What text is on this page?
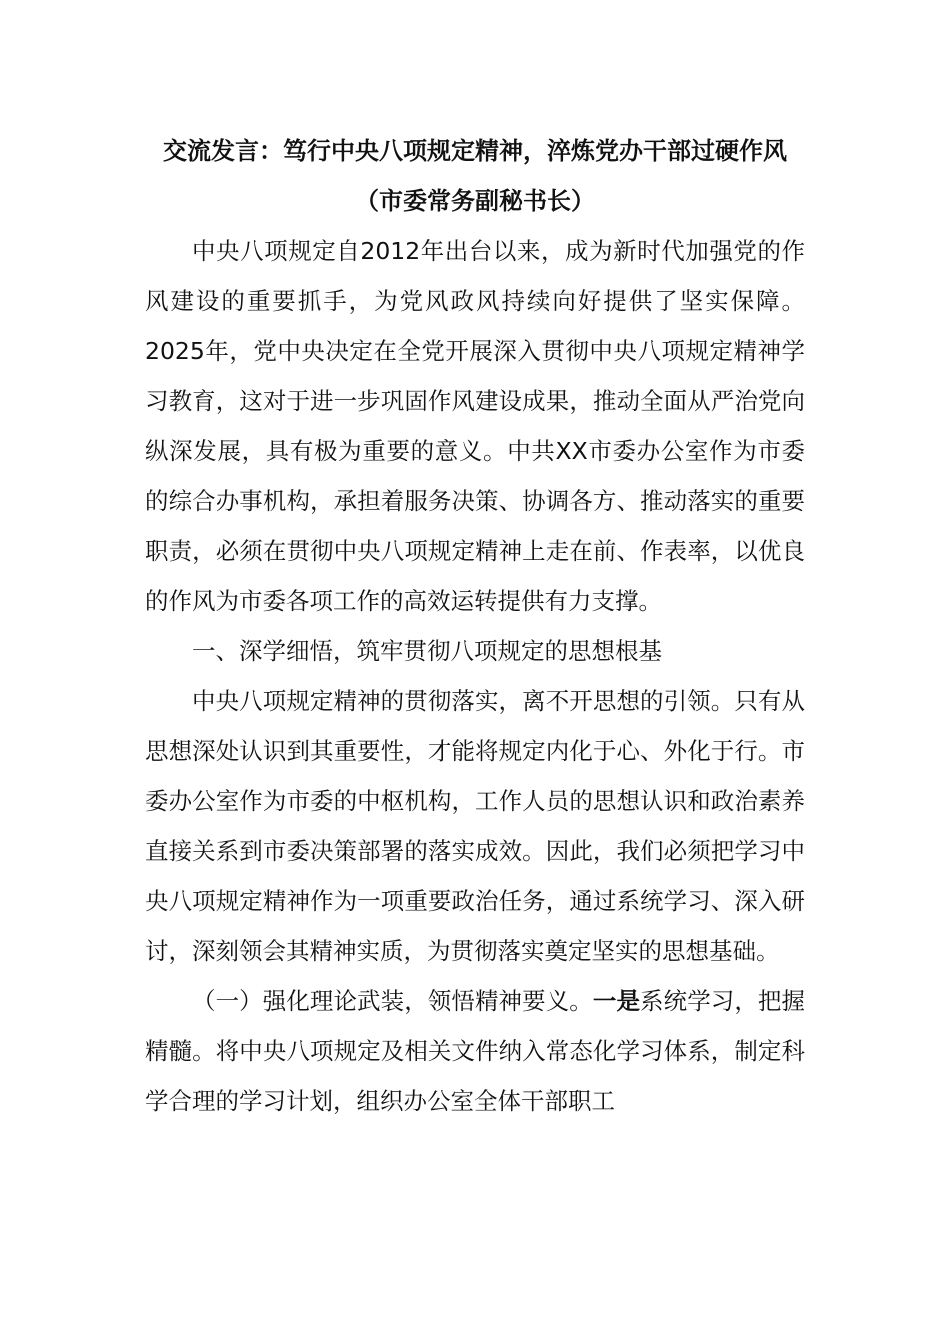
交流发言：笃行中央八项规定精神，淬炼党办干部过硬作风（市委常务副秘书长）

中央八项规定自2012年出台以来，成为新时代加强党的作风建设的重要抓手，为党风政风持续向好提供了坚实保障。2025年，党中央决定在全党开展深入贯彻中央八项规定精神学习教育，这对于进一步巩固作风建设成果，推动全面从严治党向纵深发展，具有极为重要的意义。中共XX市委办公室作为市委的综合办事机构，承担着服务决策、协调各方、推动落实的重要职责，必须在贯彻中央八项规定精神上走在前、作表率，以优良的作风为市委各项工作的高效运转提供有力支撑。

一、深学细悟，筑牢贯彻八项规定的思想根基

中央八项规定精神的贯彻落实，离不开思想的引领。只有从思想深处认识到其重要性，才能将规定内化于心、外化于行。市委办公室作为市委的中枢机构，工作人员的思想认识和政治素养直接关系到市委决策部署的落实成效。因此，我们必须把学习中央八项规定精神作为一项重要政治任务，通过系统学习、深入研讨，深刻领会其精神实质，为贯彻落实奠定坚实的思想基础。

（一）强化理论武装，领悟精神要义。一是系统学习，把握精髓。将中央八项规定及相关文件纳入常态化学习体系，制定科学合理的学习计划，组织办公室全体干部职工
